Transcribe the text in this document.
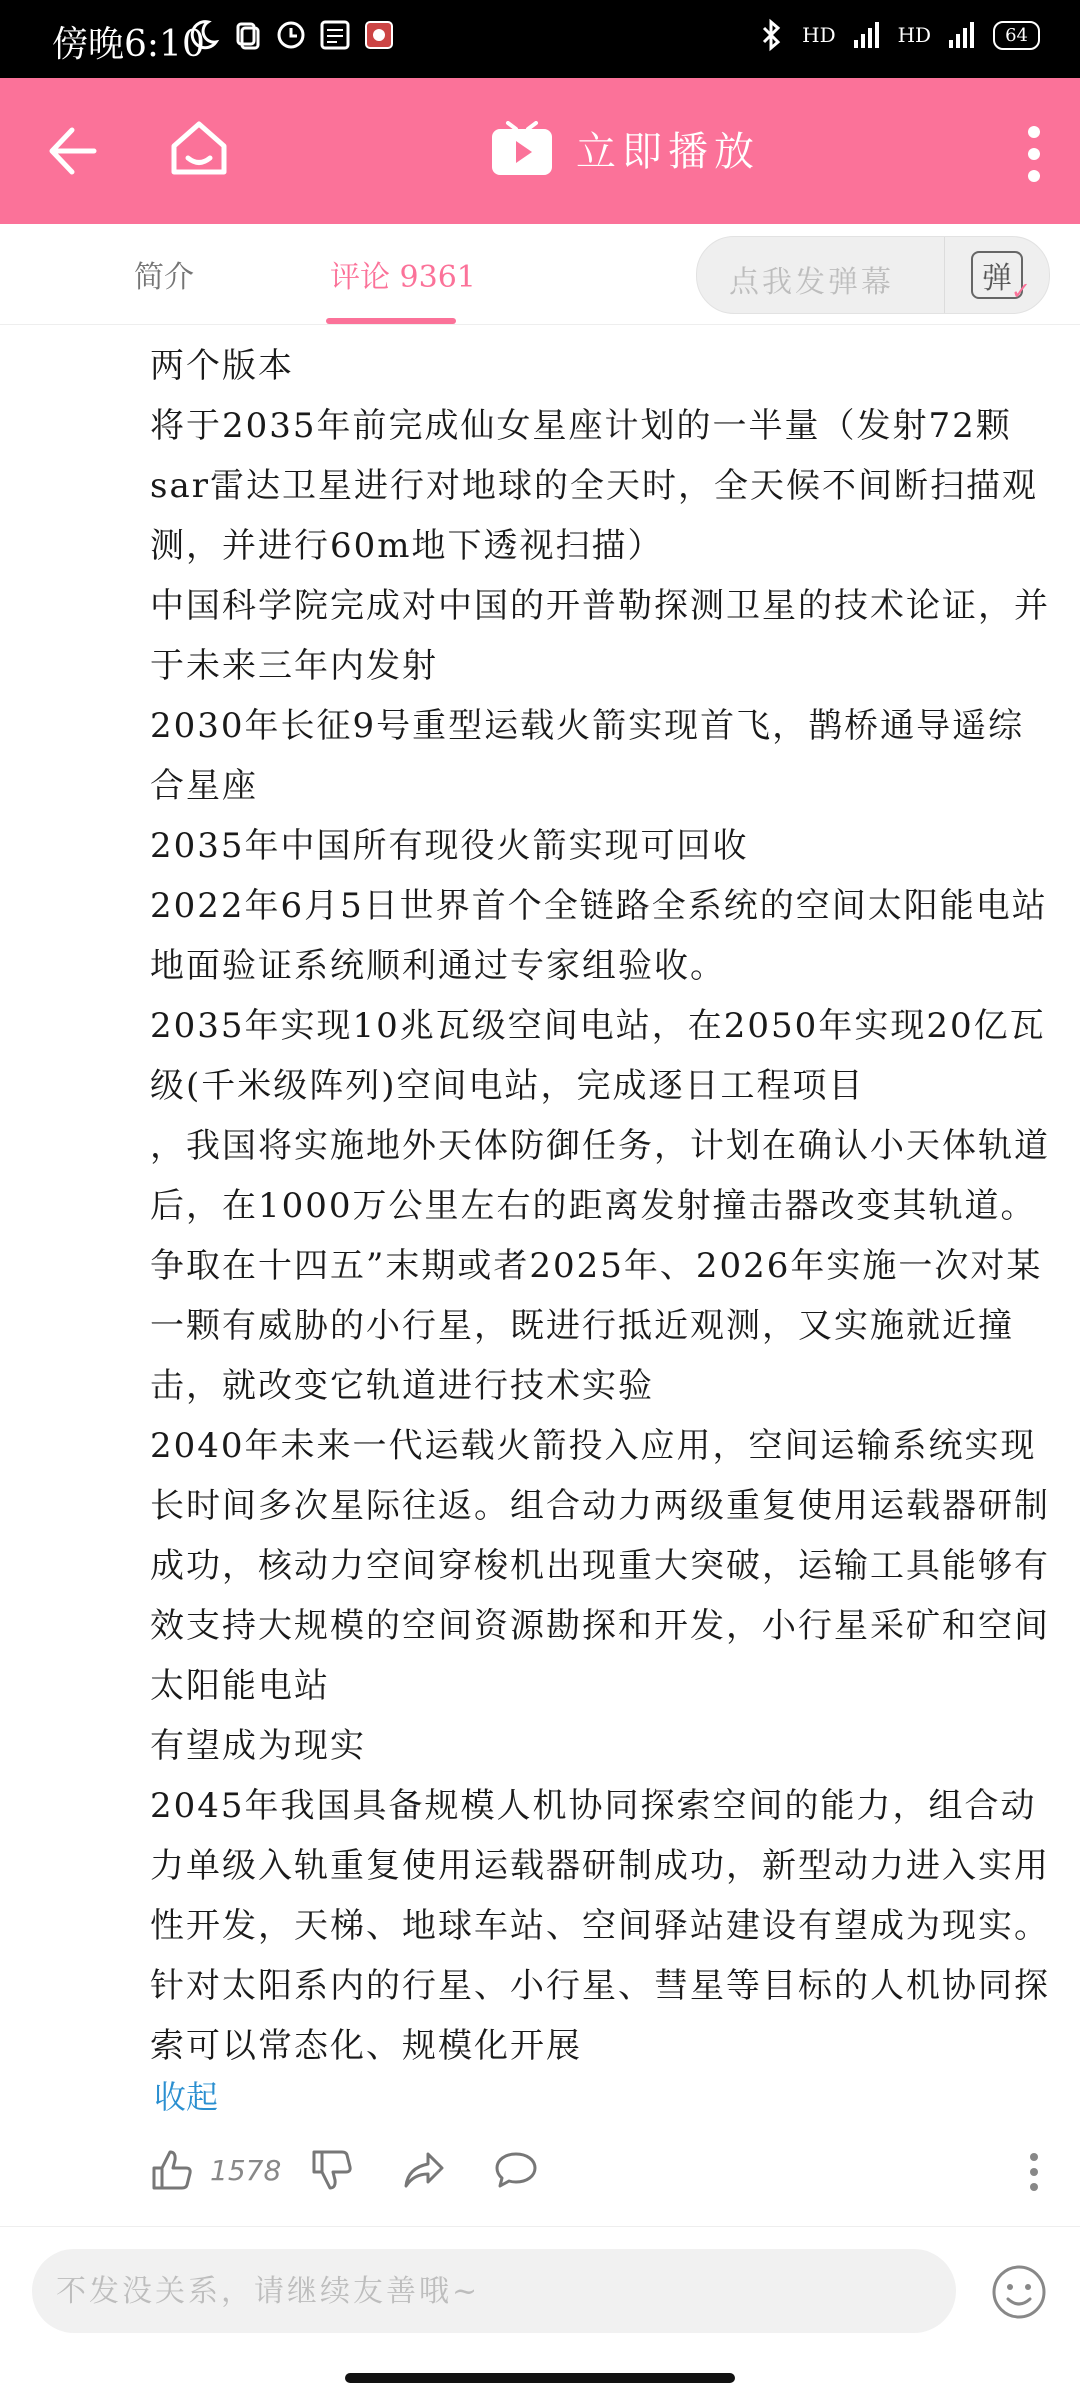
傍晚6:10	HD	HD	64
立即播放
简介	评论 9361	点我发弹幕	弹
✓

两个版本

将于2035年前完成仙女星座计划的一半量（发射72颗sar雷达卫星进行对地球的全天时，全天候不间断扫描观测，并进行60m地下透视扫描）

中国科学院完成对中国的开普勒探测卫星的技术论证，并于未来三年内发射

2030年长征9号重型运载火箭实现首飞，鹊桥通导遥综合星座

2035年中国所有现役火箭实现可回收

2022年6月5日世界首个全链路全系统的空间太阳能电站地面验证系统顺利通过专家组验收。

2035年实现10兆瓦级空间电站，在2050年实现20亿瓦级(千米级阵列)空间电站，完成逐日工程项目

，我国将实施地外天体防御任务，计划在确认小天体轨道后，在1000万公里左右的距离发射撞击器改变其轨道。争取在十四五”末期或者2025年、2026年实施一次对某一颗有威胁的小行星，既进行抵近观测，又实施就近撞击，就改变它轨道进行技术实验

2040年未来一代运载火箭投入应用，空间运输系统实现长时间多次星际往返。组合动力两级重复使用运载器研制成功，核动力空间穿梭机出现重大突破，运输工具能够有效支持大规模的空间资源勘探和开发，小行星采矿和空间太阳能电站

有望成为现实

2045年我国具备规模人机协同探索空间的能力，组合动力单级入轨重复使用运载器研制成功，新型动力进入实用性开发，天梯、地球车站、空间驿站建设有望成为现实。针对太阳系内的行星、小行星、彗星等目标的人机协同探索可以常态化、规模化开展

收起
1578
不发没关系，请继续友善哦~
